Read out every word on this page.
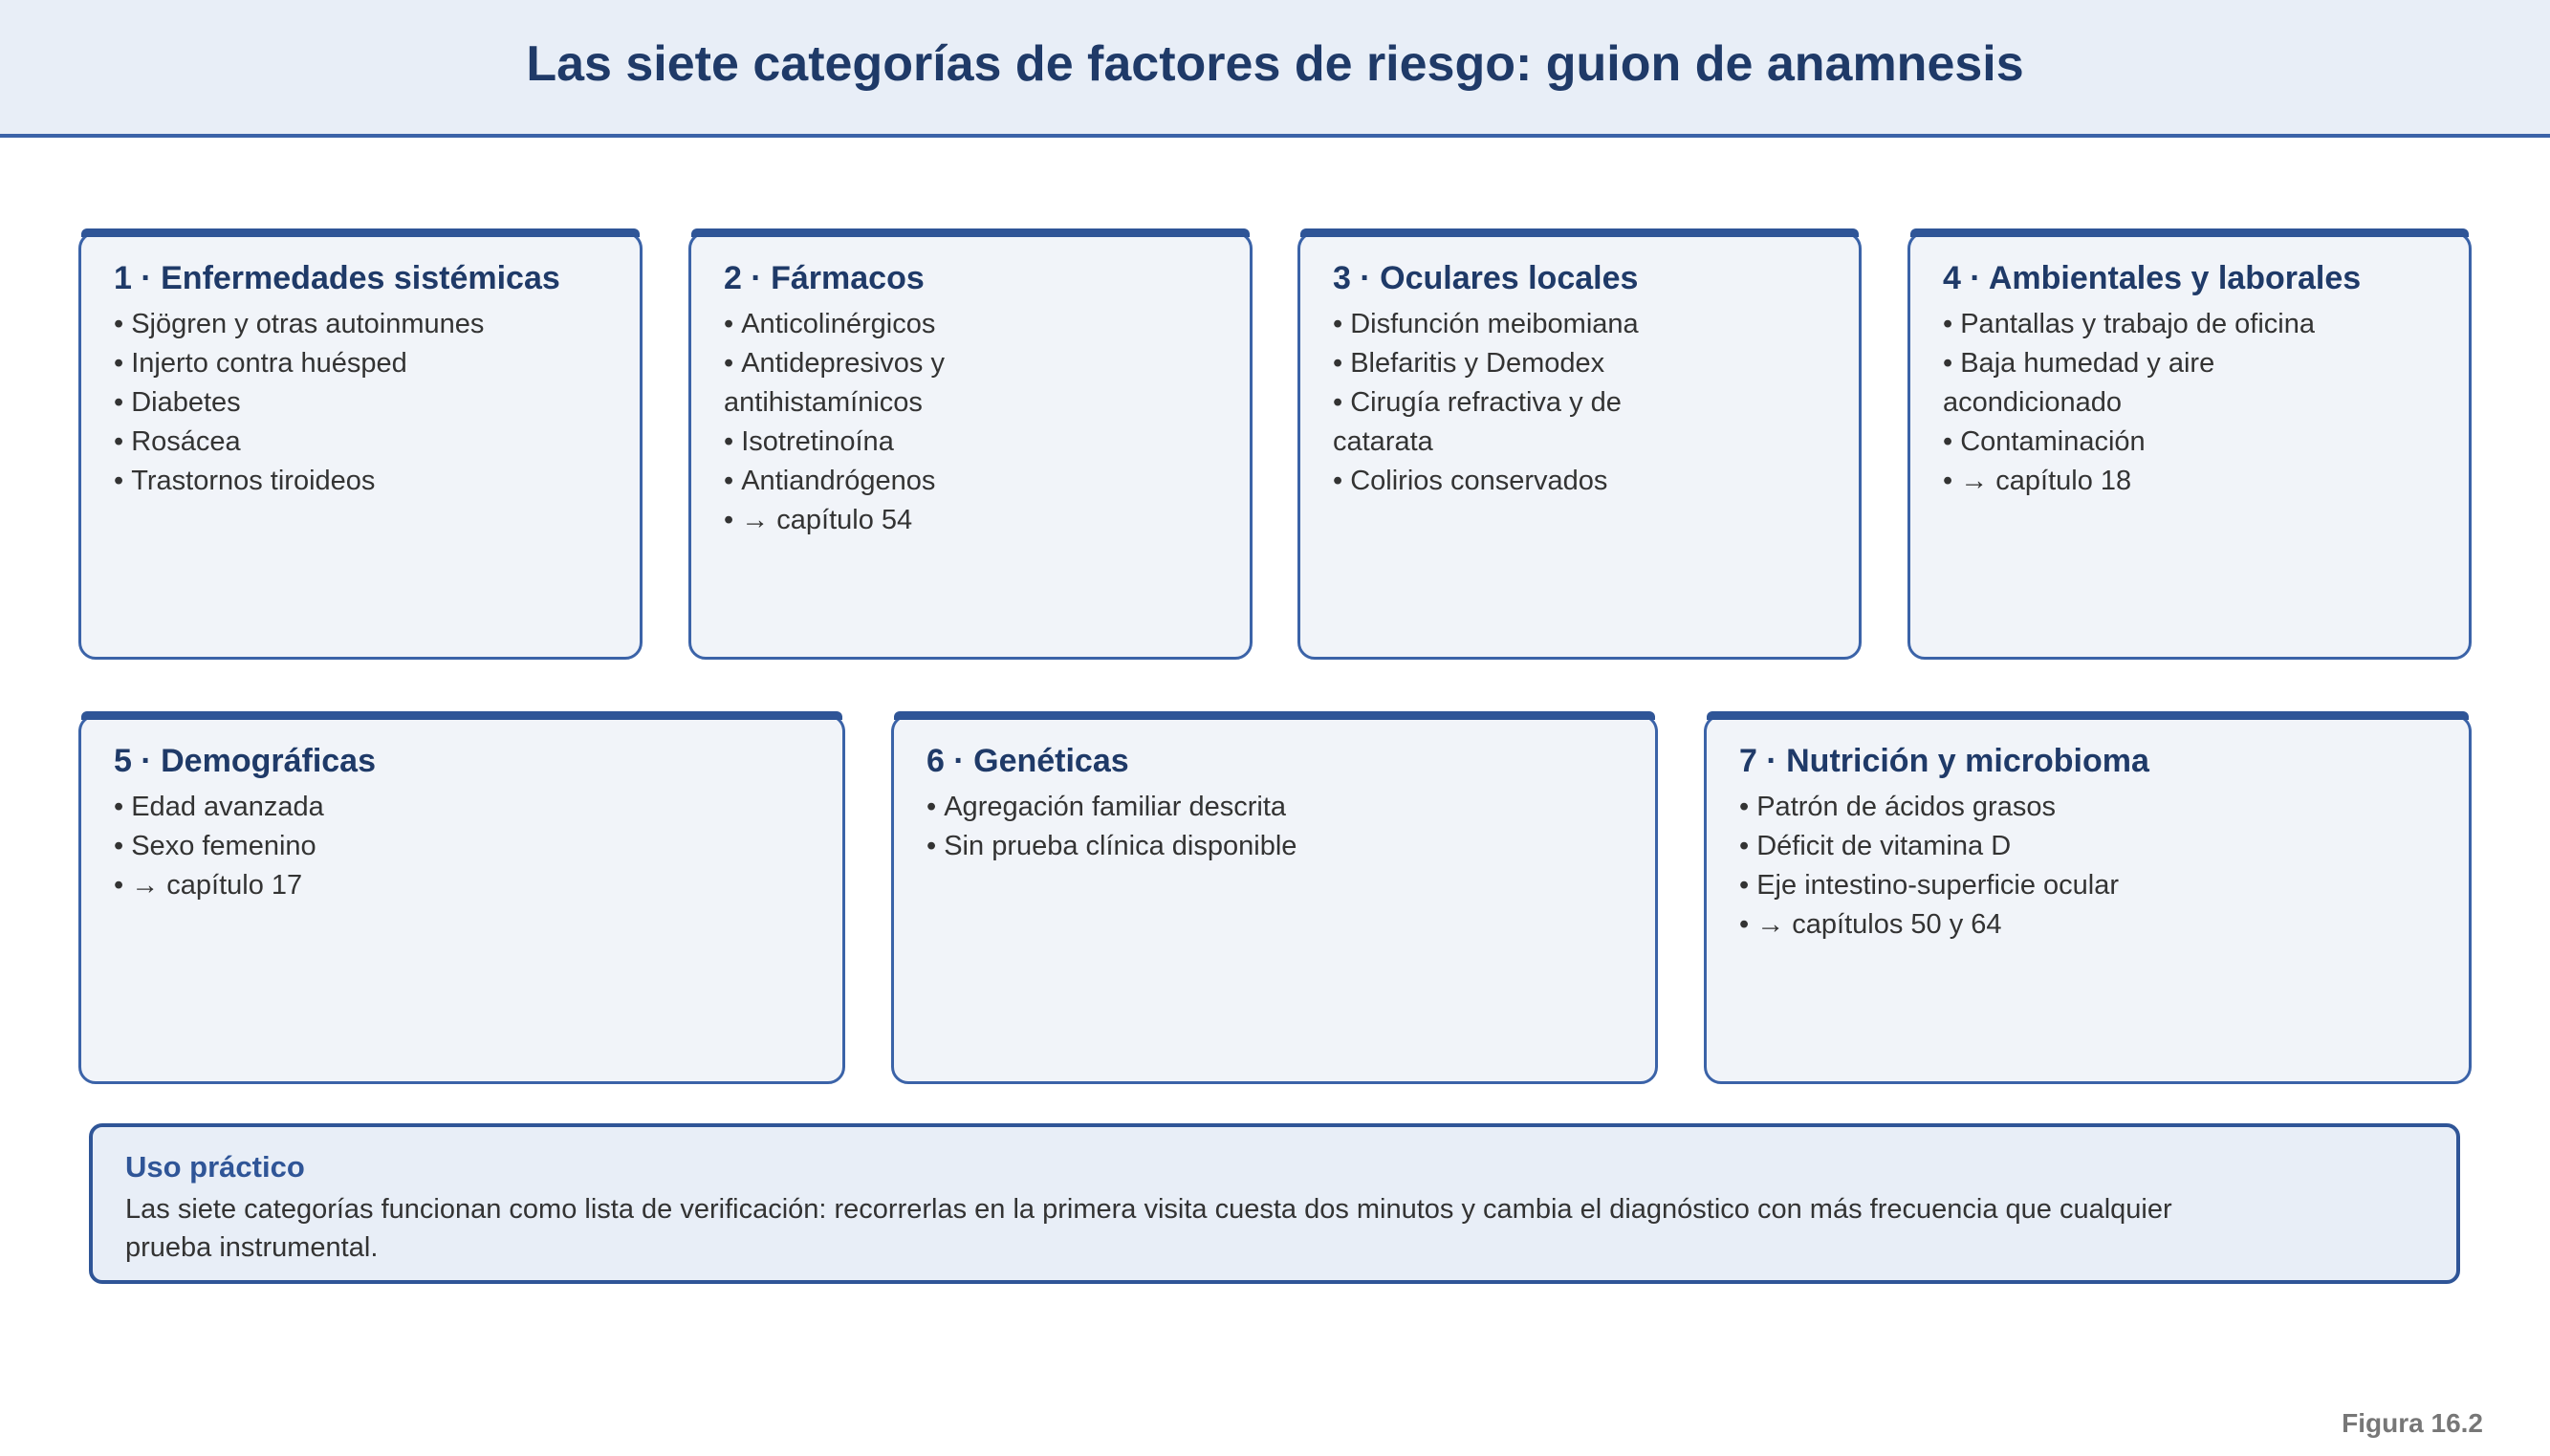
Las siete categorías de factores de riesgo: guion de anamnesis
1 · Enfermedades sistémicas
• Sjögren y otras autoinmunes
• Injerto contra huésped
• Diabetes
• Rosácea
• Trastornos tiroideos
2 · Fármacos
• Anticolinérgicos
• Antidepresivos y antihistamínicos
• Isotretinoína
• Antiandrógenos
• → capítulo 54
3 · Oculares locales
• Disfunción meibomiana
• Blefaritis y Demodex
• Cirugía refractiva y de catarata
• Colirios conservados
4 · Ambientales y laborales
• Pantallas y trabajo de oficina
• Baja humedad y aire acondicionado
• Contaminación
• → capítulo 18
5 · Demográficas
• Edad avanzada
• Sexo femenino
• → capítulo 17
6 · Genéticas
• Agregación familiar descrita
• Sin prueba clínica disponible
7 · Nutrición y microbioma
• Patrón de ácidos grasos
• Déficit de vitamina D
• Eje intestino-superficie ocular
• → capítulos 50 y 64
Uso práctico

Las siete categorías funcionan como lista de verificación: recorrerlas en la primera visita cuesta dos minutos y cambia el diagnóstico con más frecuencia que cualquier prueba instrumental.

Figura 16.2
